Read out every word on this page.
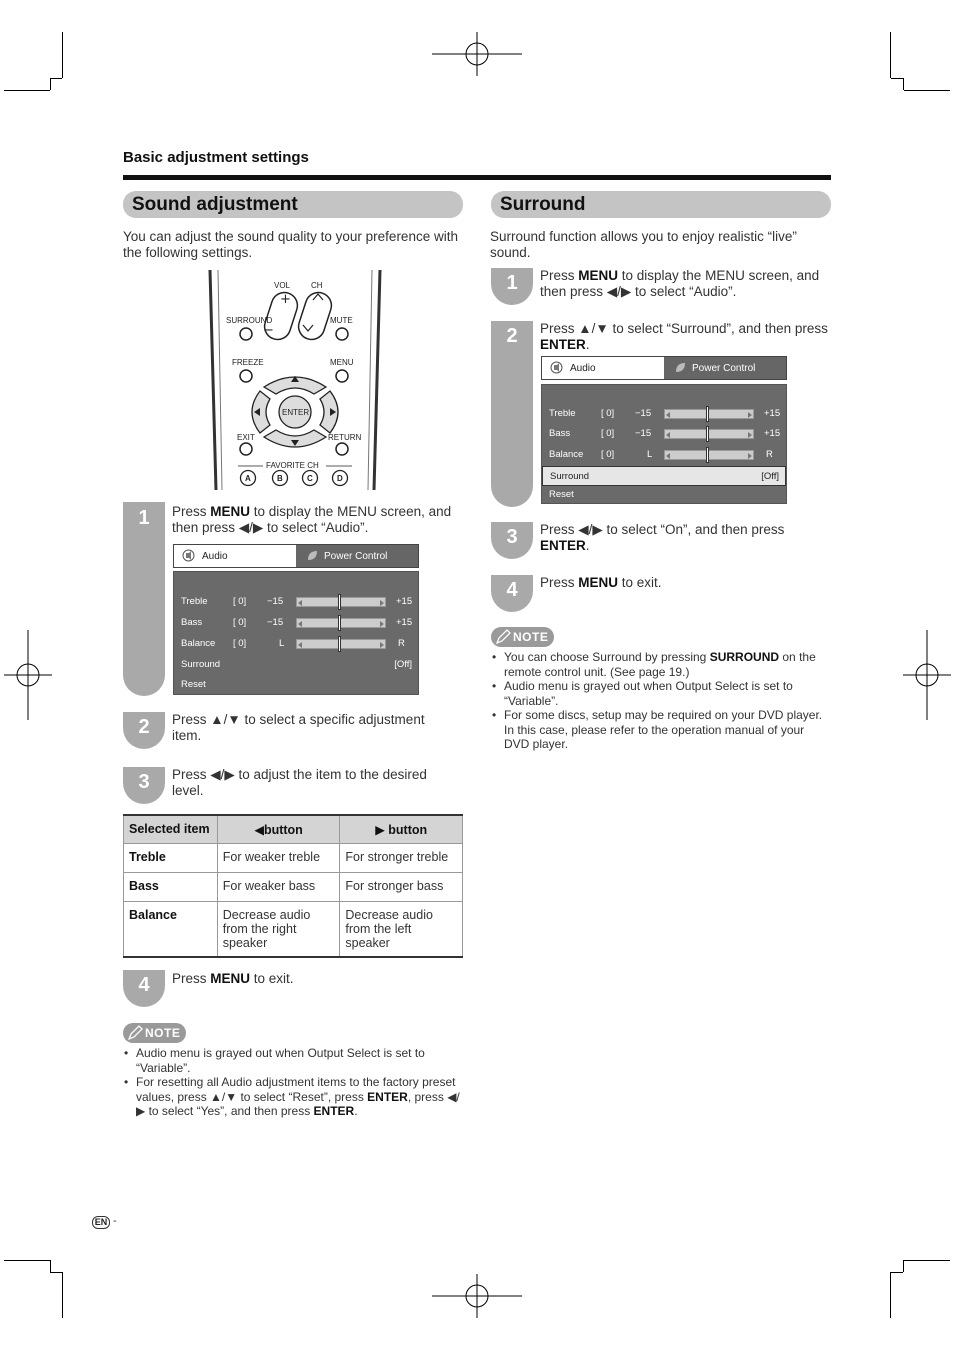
Basic adjustment settings
Sound adjustment
You can adjust the sound quality to your preference with the following settings.
VOL	CH
+
−
SURROUND	MUTE
FREEZE	MENU
ENTER
EXIT	RETURN
FAVORITE CH
A	B	C	D
1	Press MENU to display the MENU screen, and then press ◀/▶ to select “Audio”.
Audio	Power Control
Treble	[ 0] −15	+15
Bass	[ 0] −15	+15
Balance [ 0]	L	R
Surround	[Off]
Reset
2	Press ▲/▼ to select a specific adjustment item.
3	Press ◀/▶ to adjust the item to the desired level.
Selected item	◀button	▶ button
Treble	For weaker treble	For stronger treble
Bass	For weaker bass	For stronger bass
Balance	Decrease audio from the right speaker	Decrease audio from the left speaker
4	Press MENU to exit.
NOTE
• Audio menu is grayed out when Output Select is set to “Variable”.
• For resetting all Audio adjustment items to the factory preset values, press ▲/▼ to select “Reset”, press ENTER, press ◀/▶ to select “Yes”, and then press ENTER.
Surround
Surround function allows you to enjoy realistic “live” sound.
1	Press MENU to display the MENU screen, and then press ◀/▶ to select “Audio”.
2	Press ▲/▼ to select “Surround”, and then press ENTER.
Audio	Power Control
Treble	[ 0] −15	+15
Bass	[ 0] −15	+15
Balance [ 0]	L	R
Surround	[Off]
Reset
3	Press ◀/▶ to select “On”, and then press ENTER.
4	Press MENU to exit.
NOTE
• You can choose Surround by pressing SURROUND on the remote control unit. (See page 19.)
• Audio menu is grayed out when Output Select is set to “Variable”.
• For some discs, setup may be required on your DVD player. In this case, please refer to the operation manual of your DVD player.
EN -
